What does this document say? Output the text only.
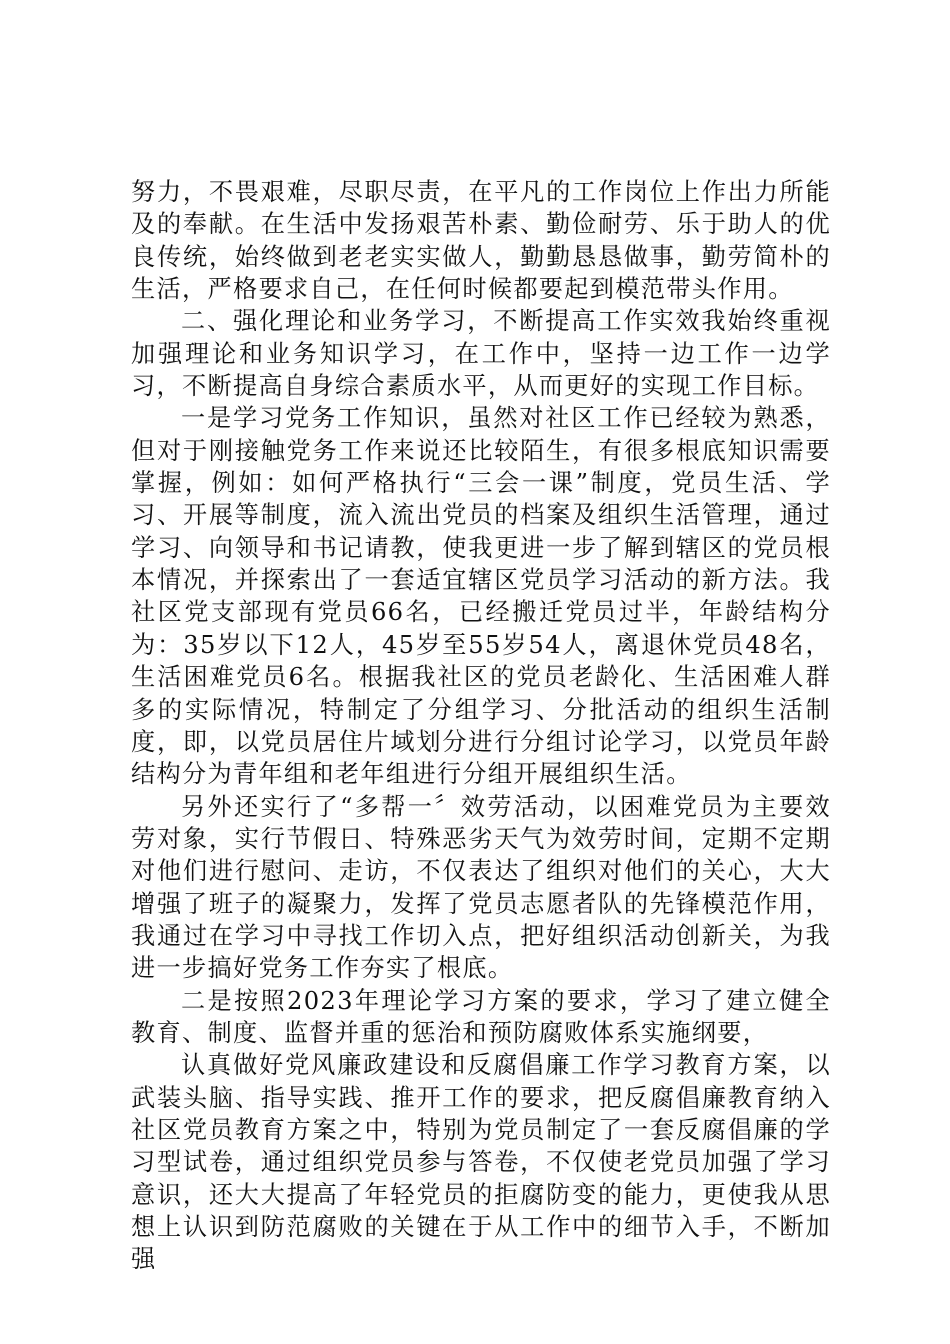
努力，不畏艰难，尽职尽责，在平凡的工作岗位上作出力所能及的奉献。在生活中发扬艰苦朴素、勤俭耐劳、乐于助人的优良传统，始终做到老老实实做人，勤勤恳恳做事，勤劳简朴的生活，严格要求自己，在任何时候都要起到模范带头作用。

二、强化理论和业务学习，不断提高工作实效我始终重视加强理论和业务知识学习，在工作中，坚持一边工作一边学习，不断提高自身综合素质水平，从而更好的实现工作目标。

一是学习党务工作知识，虽然对社区工作已经较为熟悉，但对于刚接触党务工作来说还比较陌生，有很多根底知识需要掌握，例如：如何严格执行“三会一课”制度，党员生活、学习、开展等制度，流入流出党员的档案及组织生活管理，通过学习、向领导和书记请教，使我更进一步了解到辖区的党员根本情况，并探索出了一套适宜辖区党员学习活动的新方法。我社区党支部现有党员66名，已经搬迁党员过半，年龄结构分为：35岁以下12人，45岁至55岁54人，离退休党员48名，生活困难党员6名。根据我社区的党员老龄化、生活困难人群多的实际情况，特制定了分组学习、分批活动的组织生活制度，即，以党员居住片域划分进行分组讨论学习，以党员年龄结构分为青年组和老年组进行分组开展组织生活。

另外还实行了“多帮一〞效劳活动，以困难党员为主要效劳对象，实行节假日、特殊恶劣天气为效劳时间，定期不定期对他们进行慰问、走访，不仅表达了组织对他们的关心，大大增强了班子的凝聚力，发挥了党员志愿者队的先锋模范作用，我通过在学习中寻找工作切入点，把好组织活动创新关，为我进一步搞好党务工作夯实了根底。

二是按照2023年理论学习方案的要求，学习了建立健全教育、制度、监督并重的惩治和预防腐败体系实施纲要，

认真做好党风廉政建设和反腐倡廉工作学习教育方案，以武装头脑、指导实践、推开工作的要求，把反腐倡廉教育纳入社区党员教育方案之中，特别为党员制定了一套反腐倡廉的学习型试卷，通过组织党员参与答卷，不仅使老党员加强了学习意识，还大大提高了年轻党员的拒腐防变的能力，更使我从思想上认识到防范腐败的关键在于从工作中的细节入手，不断加强
